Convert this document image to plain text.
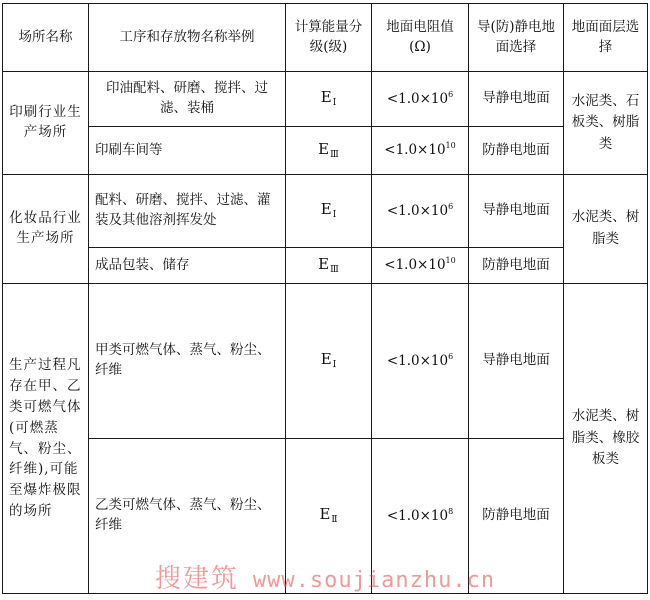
场所名称	工序和存放物名称举例	计算能量分级(级)	地面电阻值(Ω)	导(防)静电地面选择	地面面层选择
印刷行业生产场所	印油配料、研磨、搅拌、过滤、装桶	$E_I$	$<1.0\times 10^6$	导静电地面	水泥类、石板类、树脂类
	印刷车间等	$E_Ⅲ$	$<1.0\times 10^{10}$	防静电地面	
化妆品行业生产场所	配料、研磨、搅拌、过滤、灌装及其他溶剂挥发处	$E_I$	$<1.0\times 10^6$	导静电地面	水泥类、树脂类
	成品包装、储存	$E_Ⅲ$	$<1.0\times 10^{10}$	防静电地面	
生产过程凡存在甲、乙类可燃气体(可燃蒸气、粉尘、纤维),可能至爆炸极限的场所	甲类可燃气体、蒸气、粉尘、纤维	$E_I$	$<1.0\times 10^6$	导静电地面	水泥类、树脂类、橡胶板类
	乙类可燃气体、蒸气、粉尘、纤维	$E_Ⅱ$	$<1.0\times 10^8$	防静电地面	
搜建筑 www.soujianzhu.cn
